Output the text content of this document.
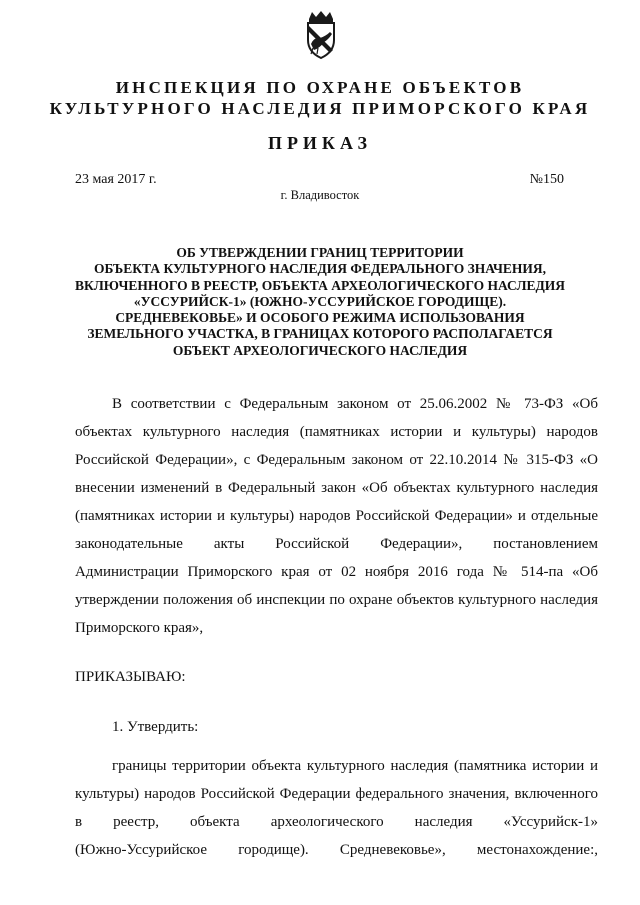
ИНСПЕКЦИЯ ПО ОХРАНЕ ОБЪЕКТОВ
КУЛЬТУРНОГО НАСЛЕДИЯ ПРИМОРСКОГО КРАЯ
ПРИКАЗ
23 мая 2017 г.	№150
г. Владивосток
ОБ УТВЕРЖДЕНИИ ГРАНИЦ ТЕРРИТОРИИ
ОБЪЕКТА КУЛЬТУРНОГО НАСЛЕДИЯ ФЕДЕРАЛЬНОГО ЗНАЧЕНИЯ,
ВКЛЮЧЕННОГО В РЕЕСТР, ОБЪЕКТА АРХЕОЛОГИЧЕСКОГО НАСЛЕДИЯ
«УССУРИЙСК-1» (ЮЖНО-УССУРИЙСКОЕ ГОРОДИЩЕ).
СРЕДНЕВЕКОВЬЕ» И ОСОБОГО РЕЖИМА ИСПОЛЬЗОВАНИЯ
ЗЕМЕЛЬНОГО УЧАСТКА, В ГРАНИЦАХ КОТОРОГО РАСПОЛАГАЕТСЯ
ОБЪЕКТ АРХЕОЛОГИЧЕСКОГО НАСЛЕДИЯ
В соответствии с Федеральным законом от 25.06.2002 № 73-ФЗ «Об
объектах культурного наследия (памятниках истории и культуры) народов
Российской Федерации», с Федеральным законом от 22.10.2014 № 315-ФЗ «О
внесении изменений в Федеральный закон «Об объектах культурного наследия
(памятниках истории и культуры) народов Российской Федерации» и отдельные
законодательные акты Российской Федерации», постановлением
Администрации Приморского края от 02 ноября 2016 года № 514-па «Об
утверждении положения об инспекции по охране объектов культурного наследия
Приморского края»,
ПРИКАЗЫВАЮ:
1. Утвердить:
границы территории объекта культурного наследия (памятника истории и
культуры) народов Российской Федерации федерального значения, включенного
в реестр, объекта археологического наследия «Уссурийск-1»
(Южно-Уссурийское городище). Средневековье», местонахождение:,
